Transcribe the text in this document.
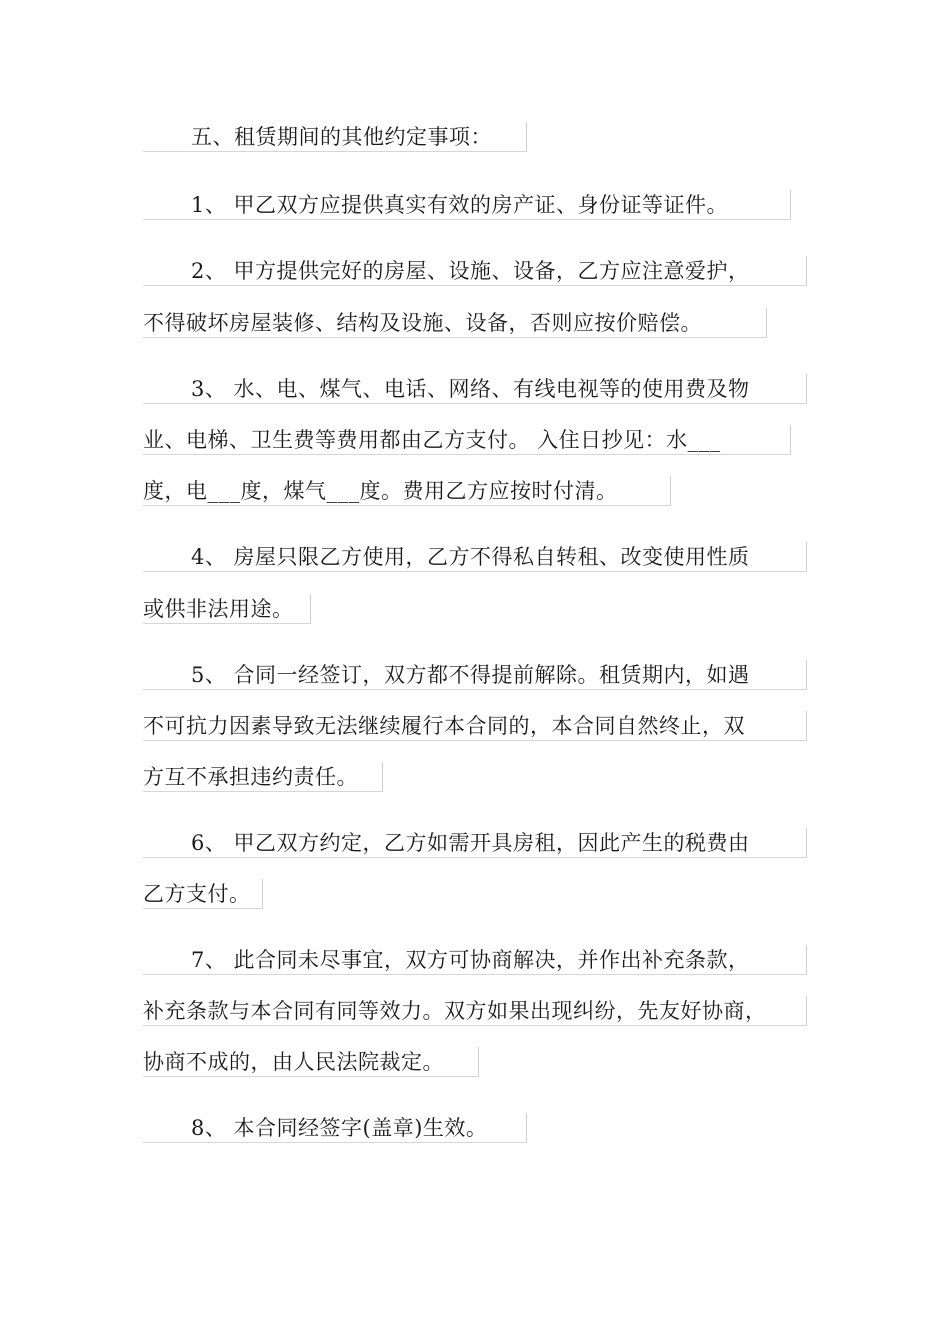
五、租赁期间的其他约定事项：
1、 甲乙双方应提供真实有效的房产证、身份证等证件。
2、 甲方提供完好的房屋、设施、设备，乙方应注意爱护，
不得破坏房屋装修、结构及设施、设备，否则应按价赔偿。
3、 水、电、煤气、电话、网络、有线电视等的使用费及物
业、电梯、卫生费等费用都由乙方支付。 入住日抄见：水___
度，电___度，煤气___度。费用乙方应按时付清。
4、 房屋只限乙方使用，乙方不得私自转租、改变使用性质
或供非法用途。
5、 合同一经签订，双方都不得提前解除。租赁期内，如遇
不可抗力因素导致无法继续履行本合同的，本合同自然终止，双
方互不承担违约责任。
6、 甲乙双方约定，乙方如需开具房租，因此产生的税费由
乙方支付。
7、 此合同未尽事宜，双方可协商解决，并作出补充条款，
补充条款与本合同有同等效力。双方如果出现纠纷，先友好协商，
协商不成的，由人民法院裁定。
8、 本合同经签字(盖章)生效。
